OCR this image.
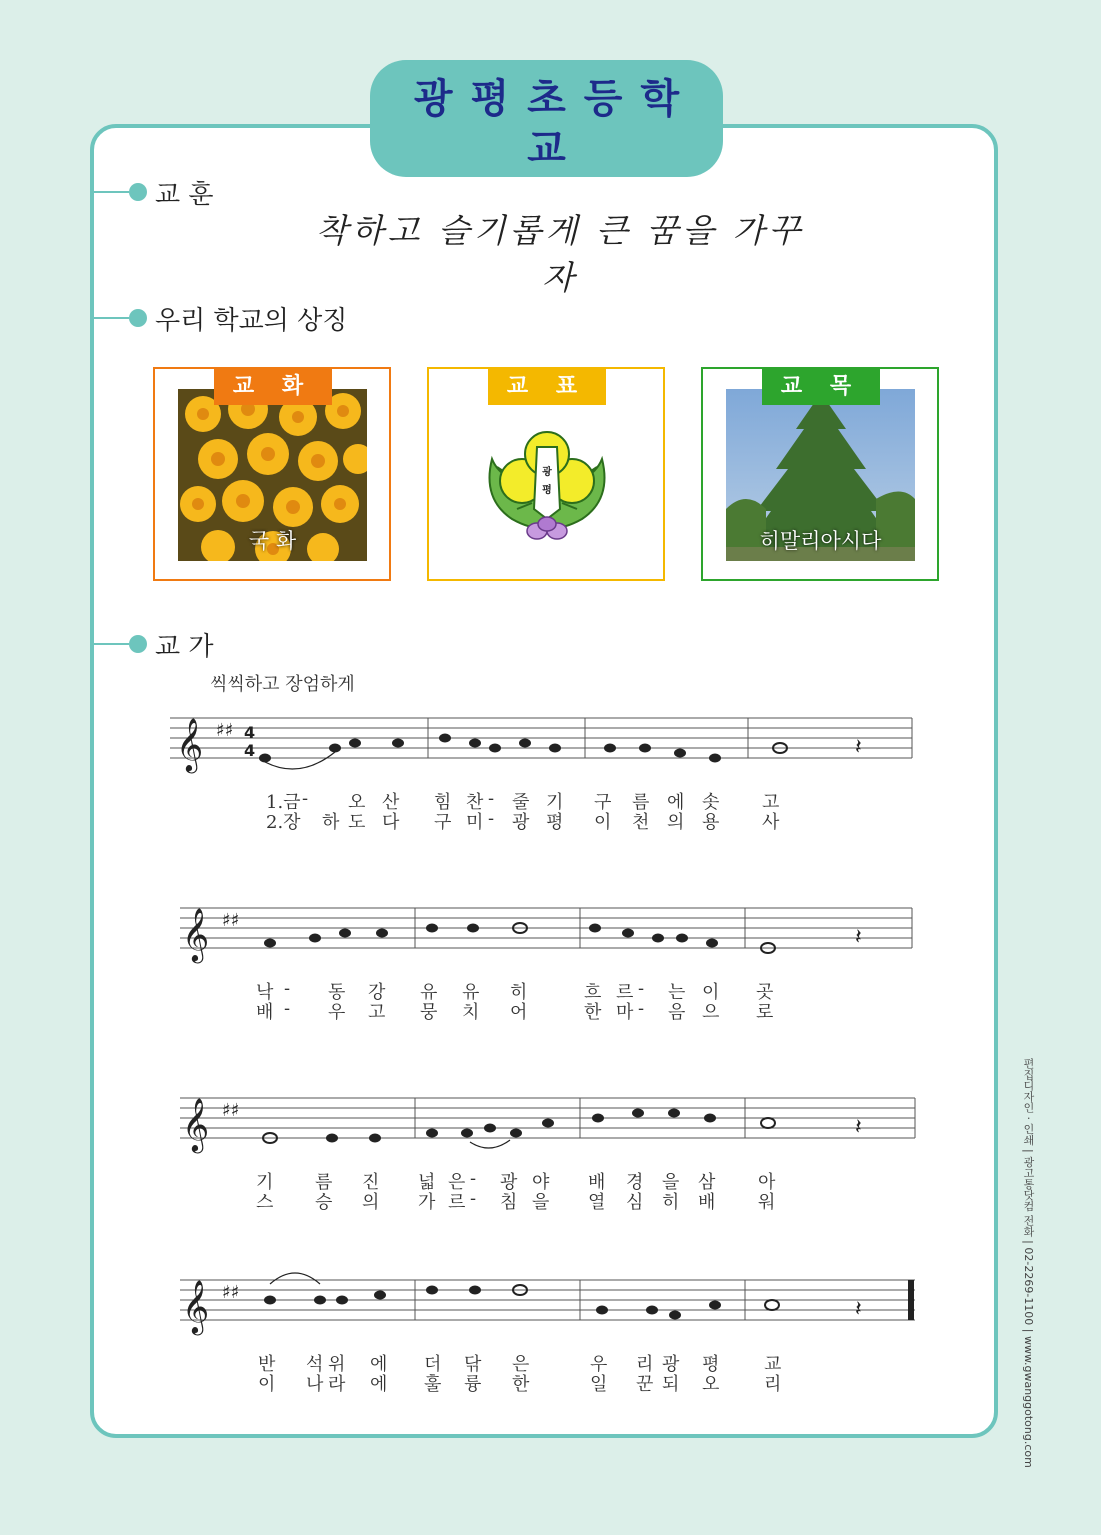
광평초등학교
http://kwangpyung.es.kr
교 훈
착하고 슬기롭게 큰 꿈을 가꾸자
우리 학교의 상징
국 화
교 화
광
평
교 표
히말리아시다
교 목
교 가
씩씩하고 장엄하게
𝄞 ♯♯ 4
4	𝄽
1.금 - 오 산 힘 찬 - 줄 기 구 름 에 솟 고
2.장 하 도 다 구 미 - 광 평 이 천 의 용 사
𝄞 ♯♯
𝄽
낙 - 동 강 유 유 히	흐 르 - 는 이 곳
배 - 우 고 뭉 치 어	한 마 - 음 으 로
𝄞 ♯♯
𝄽
기 름 진 넓 은 - 광 야 배 경 을 삼 아
스 승 의 가 르 - 침 을 열 심 히 배 워
𝄞 ♯♯
𝄽
반 석 위 에 더 닦 은	우 리 광 평 교
이 나 라 에 훌 륭 한	일 꾼 되 오 리	편집디자인 · 인쇄 | 광고통닷컴 전화 | 02-2269-1100 | www.gwanggotong.com
